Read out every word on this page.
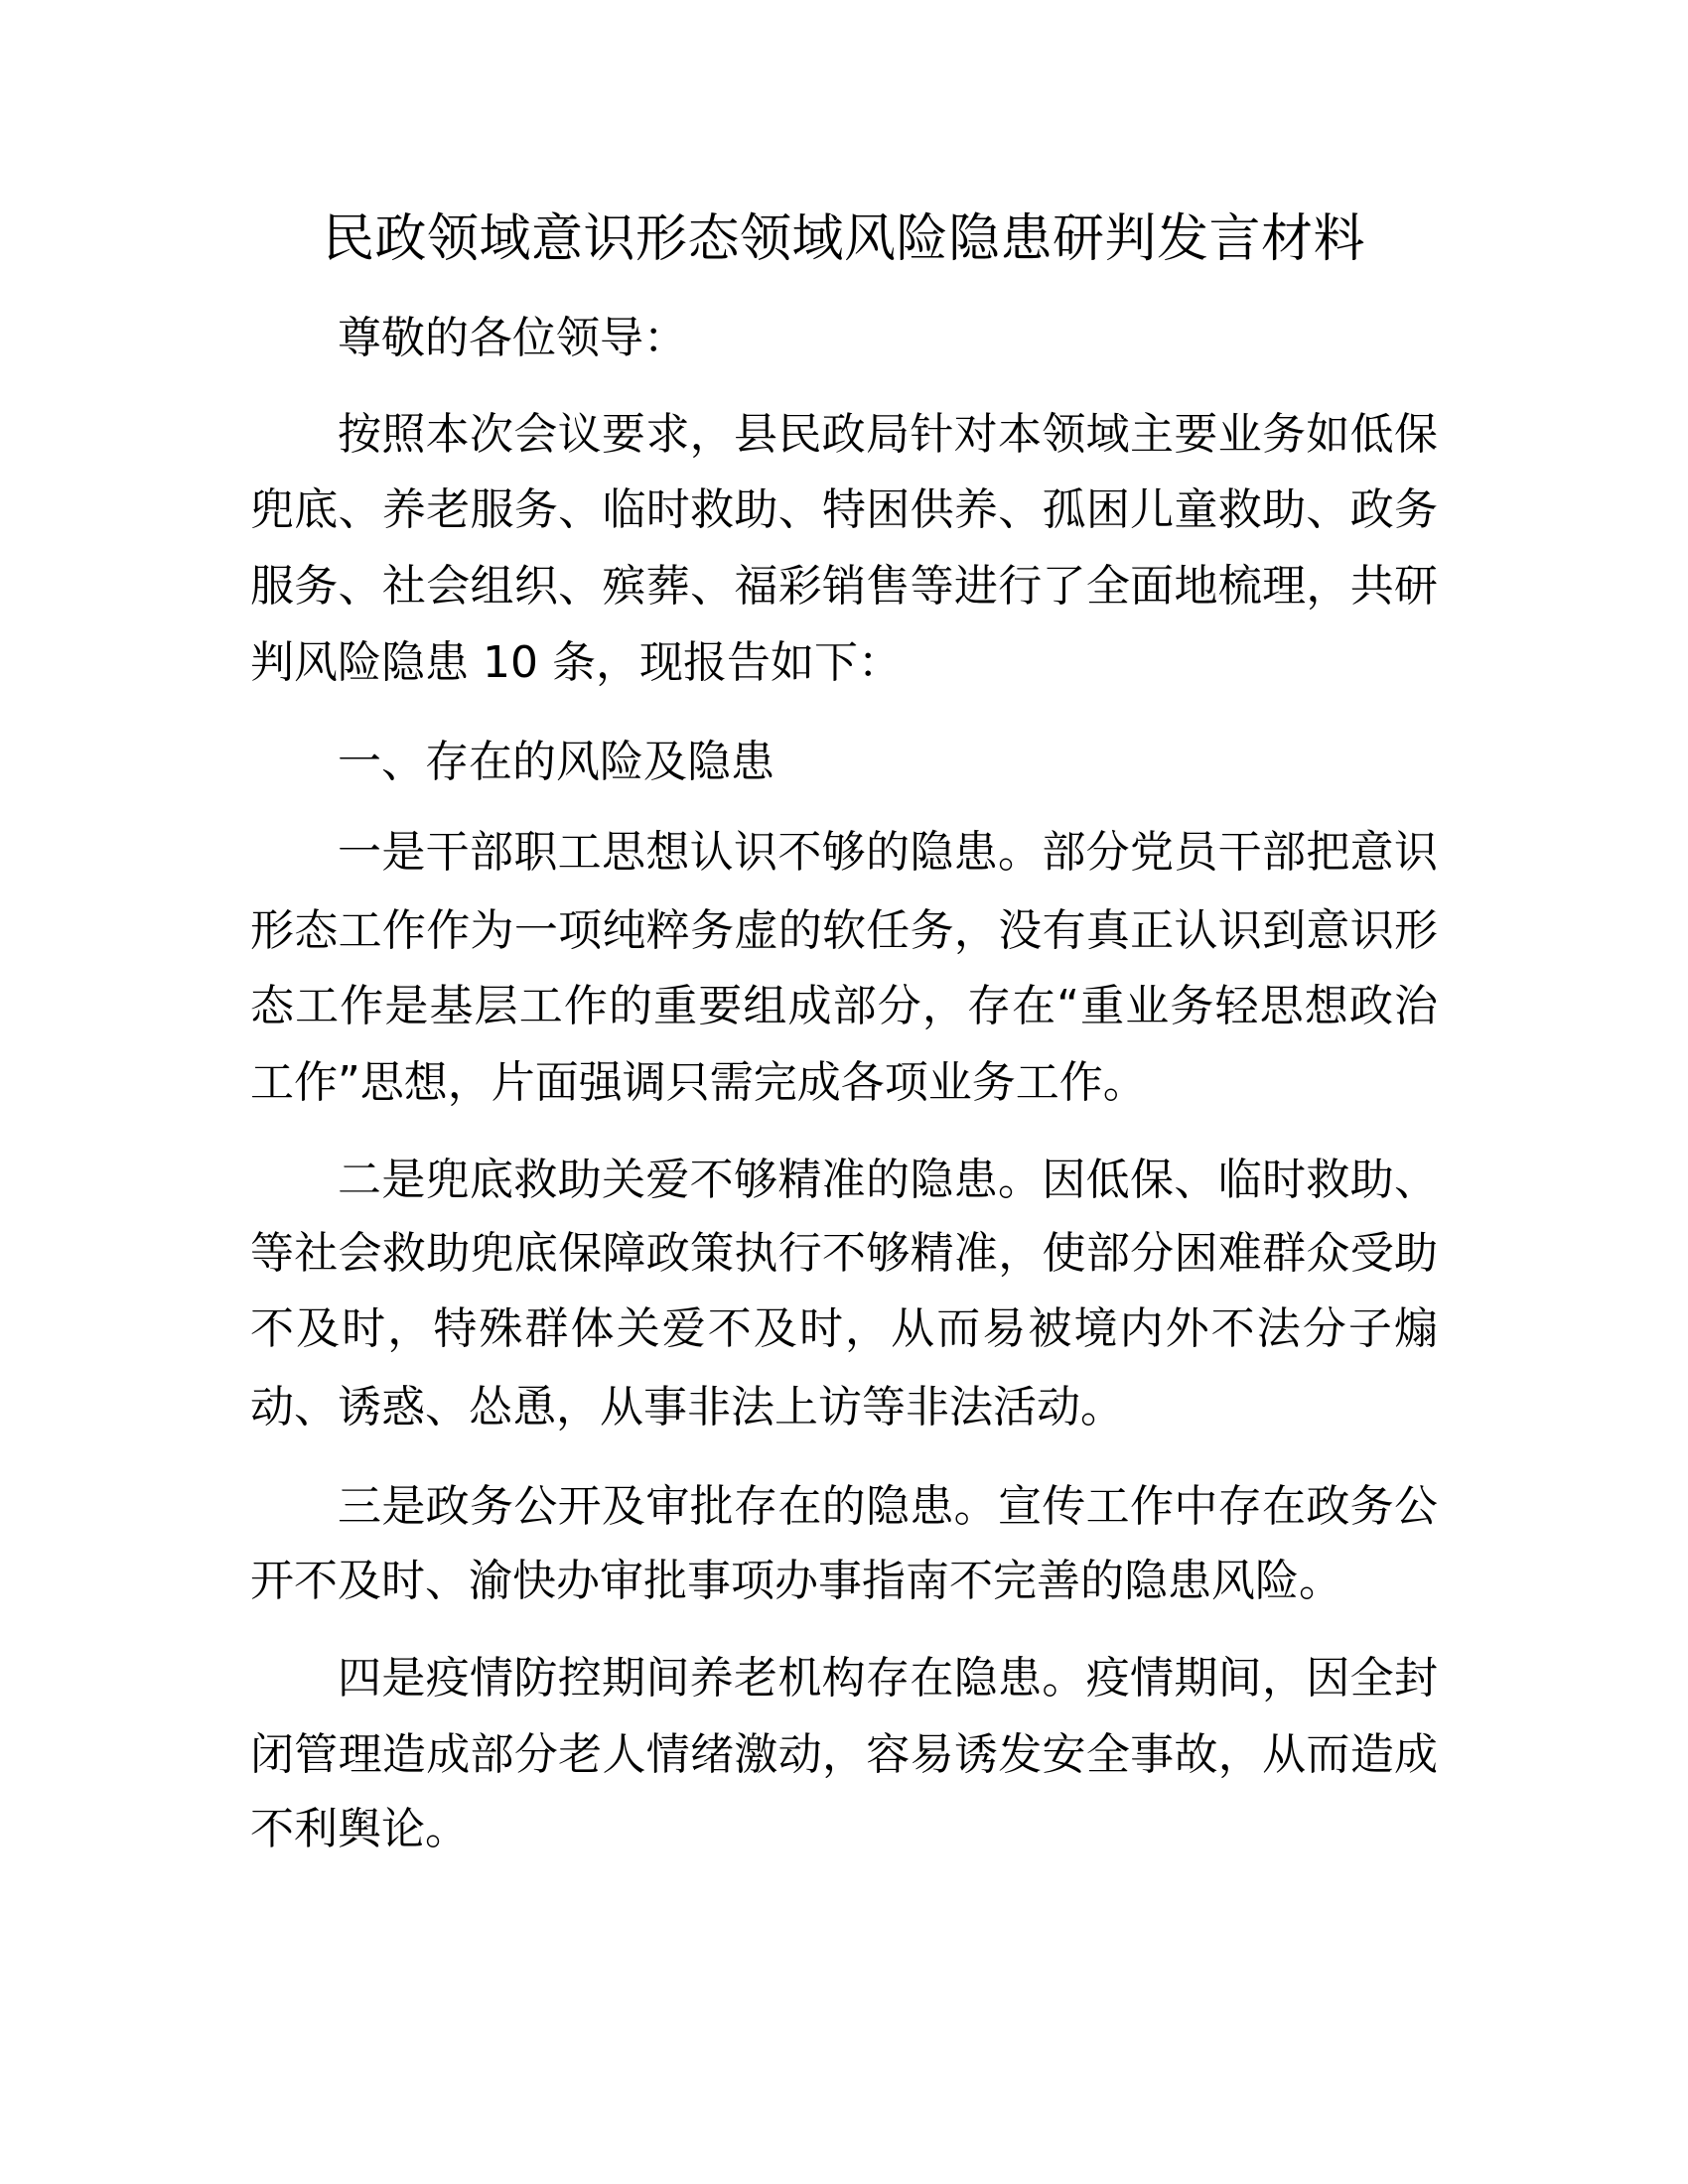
民政领域意识形态领域风险隐患研判发言材料
尊敬的各位领导：
按照本次会议要求，县民政局针对本领域主要业务如低保
兜底、养老服务、临时救助、特困供养、孤困儿童救助、政务
服务、社会组织、殡葬、福彩销售等进行了全面地梳理，共研
判风险隐患 10 条，现报告如下：
一、存在的风险及隐患
一是干部职工思想认识不够的隐患。部分党员干部把意识
形态工作作为一项纯粹务虚的软任务，没有真正认识到意识形
态工作是基层工作的重要组成部分，存在“重业务轻思想政治
工作”思想，片面强调只需完成各项业务工作。
二是兜底救助关爱不够精准的隐患。因低保、临时救助、
等社会救助兜底保障政策执行不够精准，使部分困难群众受助
不及时，特殊群体关爱不及时，从而易被境内外不法分子煽
动、诱惑、怂恿，从事非法上访等非法活动。
三是政务公开及审批存在的隐患。宣传工作中存在政务公
开不及时、渝快办审批事项办事指南不完善的隐患风险。
四是疫情防控期间养老机构存在隐患。疫情期间，因全封
闭管理造成部分老人情绪激动，容易诱发安全事故，从而造成
不利舆论。
